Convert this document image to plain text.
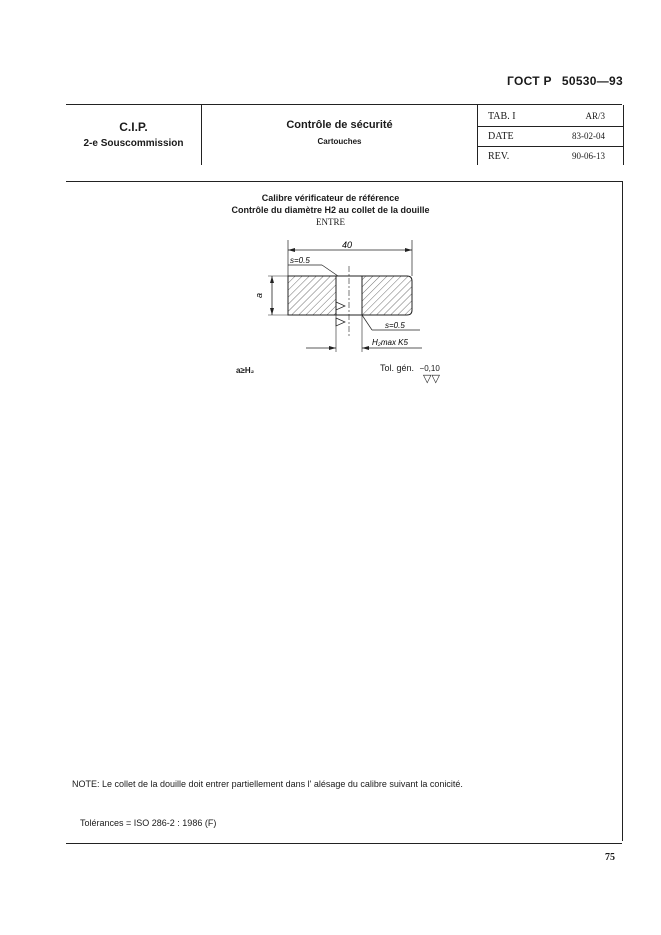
ГОСТ Р 50530—93
C.I.P.
2-e Souscommission
Contrôle de sécurité
Cartouches
TAB. I	AR/3
DATE	83-02-04
REV.	90-06-13
Calibre vérificateur de référence
Contrôle du diamètre H2 au collet de la douille
ENTRE
40
s=0.5
a
s=0.5
H₂max K5
a≥H₂	Tol. gén. −0,10
▽▽
NOTE: Le collet de la douille doit entrer partiellement dans l' alésage du calibre suivant la conicité.
Tolérances = ISO 286-2 : 1986 (F)
75
